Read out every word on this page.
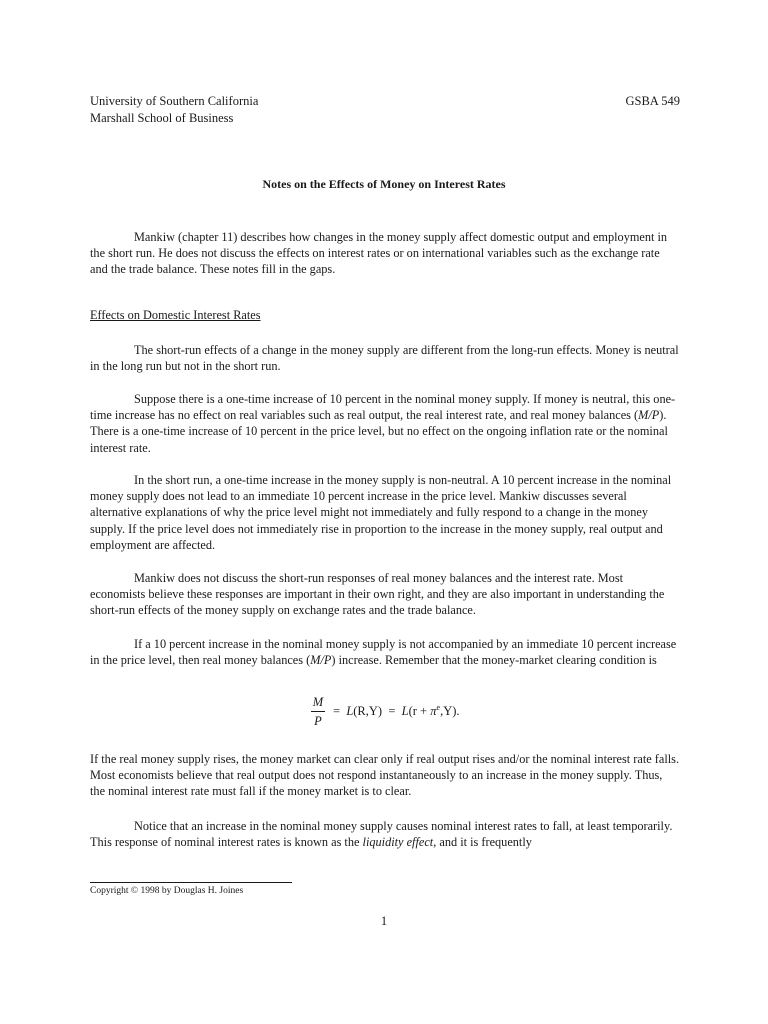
University of Southern California
Marshall School of Business
GSBA 549
Notes on the Effects of Money on Interest Rates

Mankiw (chapter 11) describes how changes in the money supply affect domestic output and employment in the short run. He does not discuss the effects on interest rates or on international variables such as the exchange rate and the trade balance. These notes fill in the gaps.

Effects on Domestic Interest Rates

The short-run effects of a change in the money supply are different from the long-run effects. Money is neutral in the long run but not in the short run.

Suppose there is a one-time increase of 10 percent in the nominal money supply. If money is neutral, this one-time increase has no effect on real variables such as real output, the real interest rate, and real money balances (M/P). There is a one-time increase of 10 percent in the price level, but no effect on the ongoing inflation rate or the nominal interest rate.

In the short run, a one-time increase in the money supply is non-neutral. A 10 percent increase in the nominal money supply does not lead to an immediate 10 percent increase in the price level. Mankiw discusses several alternative explanations of why the price level might not immediately and fully respond to a change in the money supply. If the price level does not immediately rise in proportion to the increase in the money supply, real output and employment are affected.

Mankiw does not discuss the short-run responses of real money balances and the interest rate. Most economists believe these responses are important in their own right, and they are also important in understanding the short-run effects of the money supply on exchange rates and the trade balance.

If a 10 percent increase in the nominal money supply is not accompanied by an immediate 10 percent increase in the price level, then real money balances (M/P) increase. Remember that the money-market clearing condition is

M
P
= $L(R,Y) = L(r + \pi^e,Y)$.

If the real money supply rises, the money market can clear only if real output rises and/or the nominal interest rate falls. Most economists believe that real output does not respond instantaneously to an increase in the money supply. Thus, the nominal interest rate must fall if the money market is to clear.

Notice that an increase in the nominal money supply causes nominal interest rates to fall, at least temporarily. This response of nominal interest rates is known as the liquidity effect, and it is frequently

Copyright © 1998 by Douglas H. Joines
1
